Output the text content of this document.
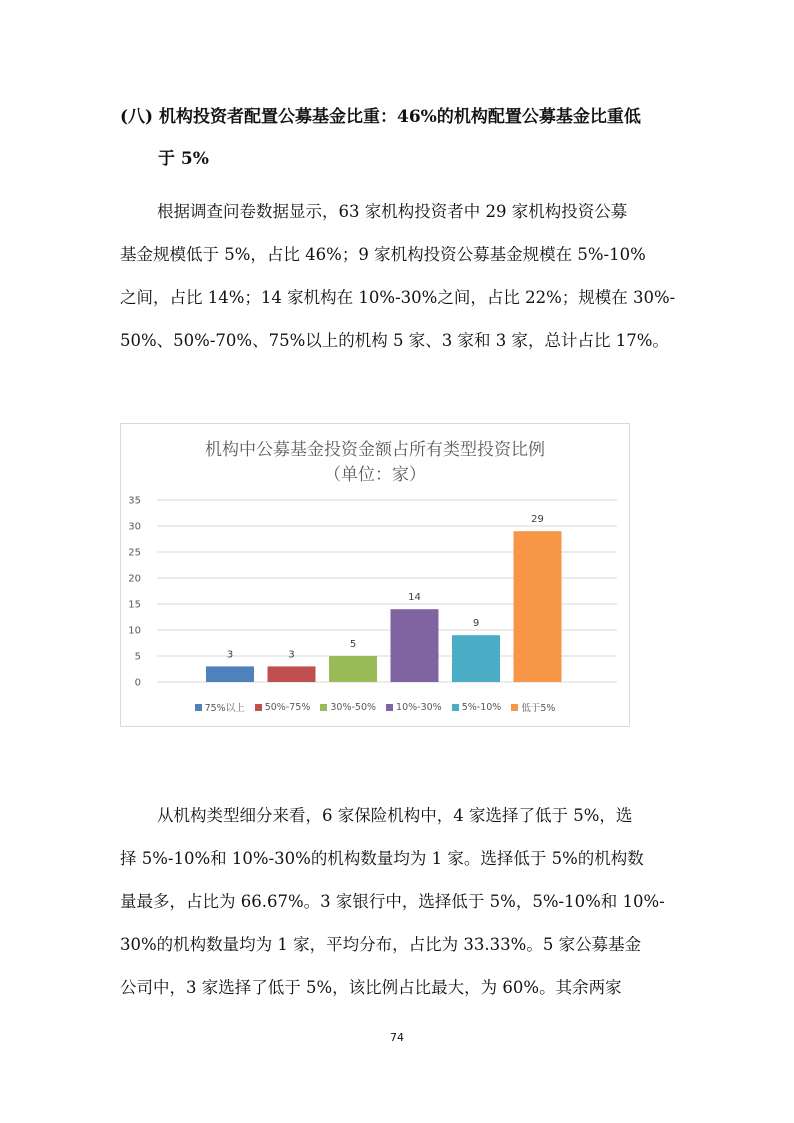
(八) 机构投资者配置公募基金比重：46%的机构配置公募基金比重低
于 5%
根据调查问卷数据显示，63 家机构投资者中 29 家机构投资公募
基金规模低于 5%，占比 46%；9 家机构投资公募基金规模在 5%-10%
之间，占比 14%；14 家机构在 10%-30%之间，占比 22%；规模在 30%-
50%、50%-70%、75%以上的机构 5 家、3 家和 3 家，总计占比 17%。
机构中公募基金投资金额占所有类型投资比例
（单位：家）
0
5
10
15
20
25
30
35
3	3
5
14
9
29
75%以上 50%-75% 30%-50% 10%-30% 5%-10% 低于5%
从机构类型细分来看，6 家保险机构中，4 家选择了低于 5%，选
择 5%-10%和 10%-30%的机构数量均为 1 家。选择低于 5%的机构数
量最多，占比为 66.67%。3 家银行中，选择低于 5%，5%-10%和 10%-
30%的机构数量均为 1 家，平均分布，占比为 33.33%。5 家公募基金
公司中，3 家选择了低于 5%，该比例占比最大，为 60%。其余两家
74
